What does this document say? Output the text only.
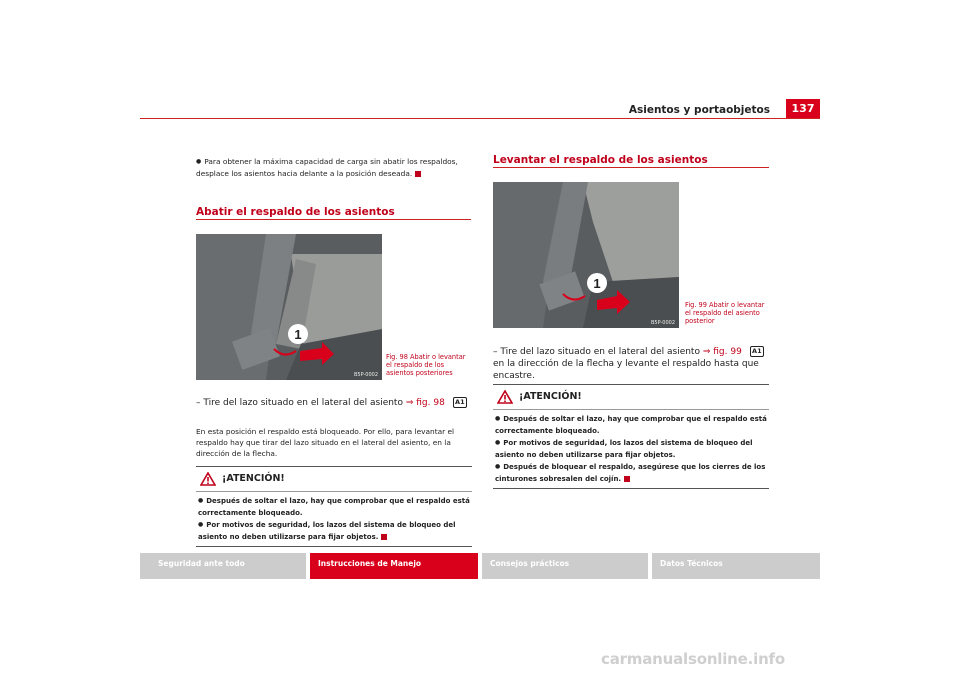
Asientos y portaobjetos	137
● Para obtener la máxima capacidad de carga sin abatir los respaldos, desplace los asientos hacia delante a la posición deseada.
Abatir el respaldo de los asientos
1
B5P-0002
Fig. 98 Abatir o levantar el respaldo de los asientos posteriores
– Tire del lazo situado en el lateral del asiento ⇒ fig. 98 A1
En esta posición el respaldo está bloqueado. Por ello, para levantar el respaldo hay que tirar del lazo situado en el lateral del asiento, en la dirección de la flecha.
¡ATENCIÓN!

● Después de soltar el lazo, hay que comprobar que el respaldo está correctamente bloqueado.

● Por motivos de seguridad, los lazos del sistema de bloqueo del asiento no deben utilizarse para fijar objetos.

Levantar el respaldo de los asientos
1
B5P-0002
Fig. 99 Abatir o levantar el respaldo del asiento posterior
– Tire del lazo situado en el lateral del asiento ⇒ fig. 99 A1 en la dirección de la flecha y levante el respaldo hasta que encastre.
¡ATENCIÓN!

● Después de soltar el lazo, hay que comprobar que el respaldo está correctamente bloqueado.

● Por motivos de seguridad, los lazos del sistema de bloqueo del asiento no deben utilizarse para fijar objetos.

● Después de bloquear el respaldo, asegúrese que los cierres de los cinturones sobresalen del cojín.

Seguridad ante todo	Instrucciones de Manejo	Consejos prácticos	Datos Técnicos
carmanualsonline.info
